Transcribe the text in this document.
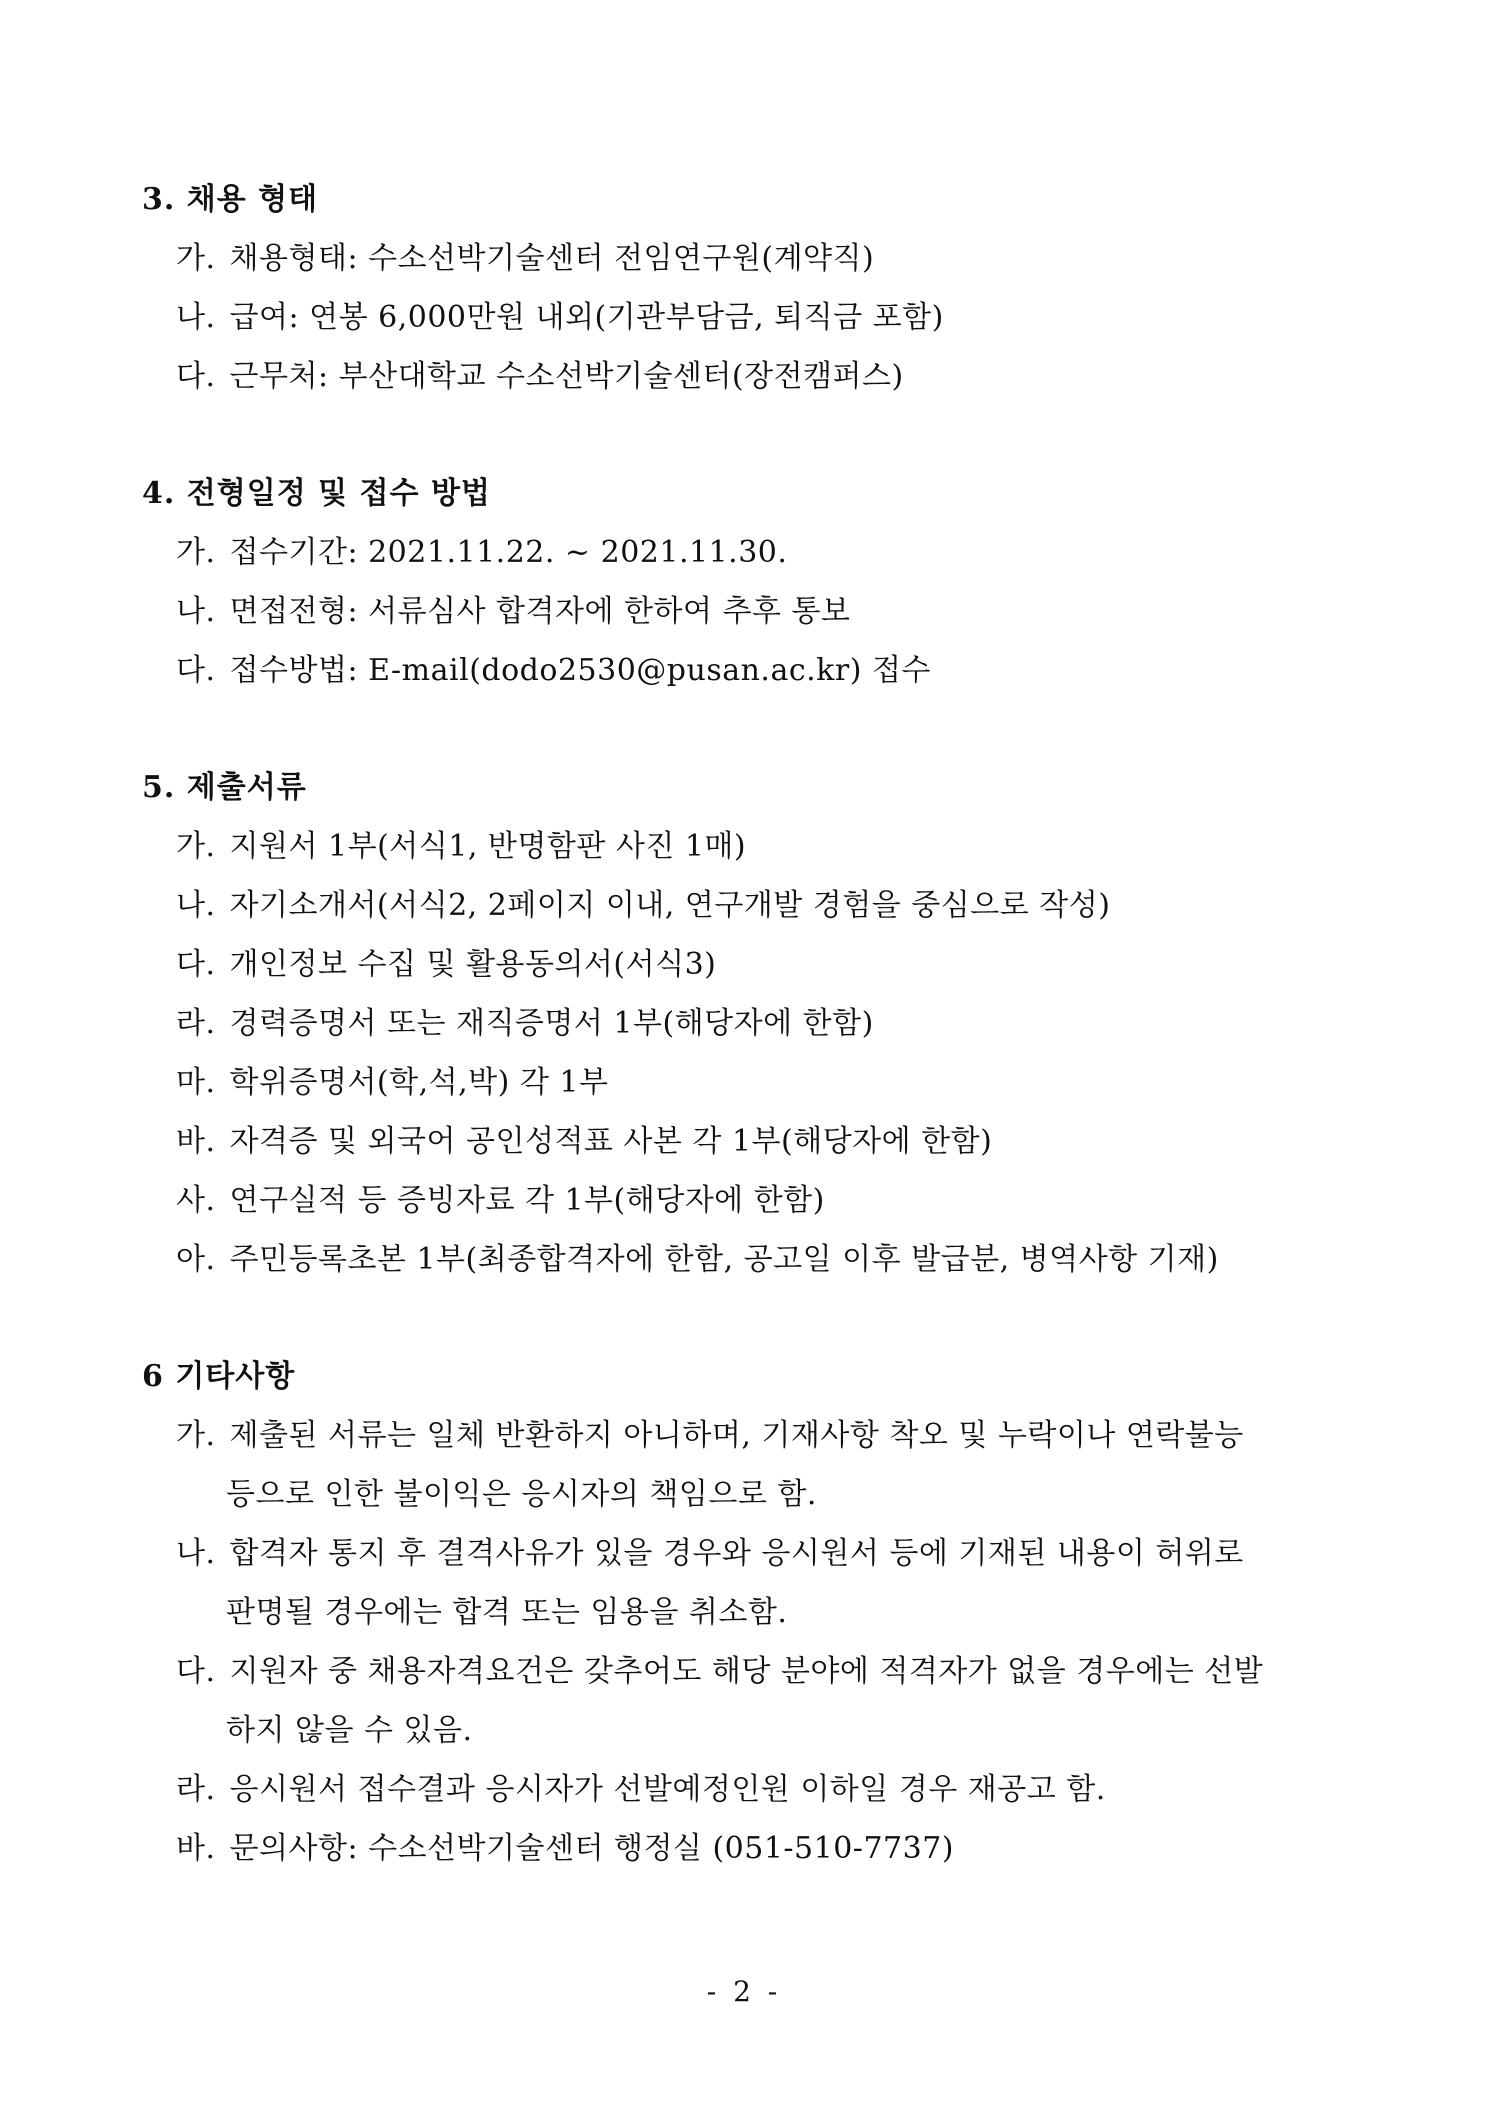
3. 채용 형태
가. 채용형태: 수소선박기술센터 전임연구원(계약직)
나. 급여: 연봉 6,000만원 내외(기관부담금, 퇴직금 포함)
다. 근무처: 부산대학교 수소선박기술센터(장전캠퍼스)
4. 전형일정 및 접수 방법
가. 접수기간: 2021.11.22. ~ 2021.11.30.
나. 면접전형: 서류심사 합격자에 한하여 추후 통보
다. 접수방법: E-mail(dodo2530@pusan.ac.kr) 접수
5. 제출서류
가. 지원서 1부(서식1, 반명함판 사진 1매)
나. 자기소개서(서식2, 2페이지 이내, 연구개발 경험을 중심으로 작성)
다. 개인정보 수집 및 활용동의서(서식3)
라. 경력증명서 또는 재직증명서 1부(해당자에 한함)
마. 학위증명서(학,석,박) 각 1부
바. 자격증 및 외국어 공인성적표 사본 각 1부(해당자에 한함)
사. 연구실적 등 증빙자료 각 1부(해당자에 한함)
아. 주민등록초본 1부(최종합격자에 한함, 공고일 이후 발급분, 병역사항 기재)
6 기타사항
가. 제출된 서류는 일체 반환하지 아니하며, 기재사항 착오 및 누락이나 연락불능
등으로 인한 불이익은 응시자의 책임으로 함.
나. 합격자 통지 후 결격사유가 있을 경우와 응시원서 등에 기재된 내용이 허위로
판명될 경우에는 합격 또는 임용을 취소함.
다. 지원자 중 채용자격요건은 갖추어도 해당 분야에 적격자가 없을 경우에는 선발
하지 않을 수 있음.
라. 응시원서 접수결과 응시자가 선발예정인원 이하일 경우 재공고 함.
바. 문의사항: 수소선박기술센터 행정실 (051-510-7737)
- 2 -
